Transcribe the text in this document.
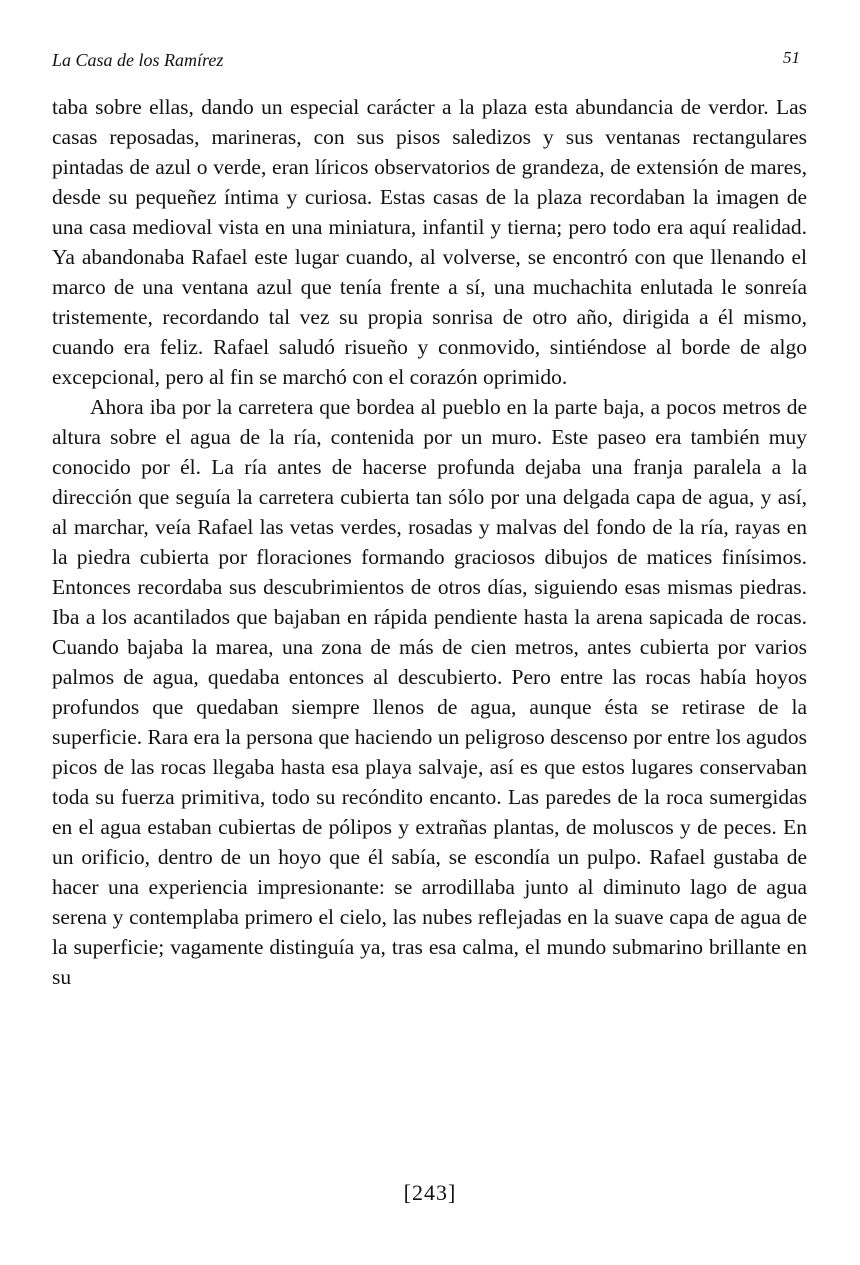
La Casa de los Ramírez	51

taba sobre ellas, dando un especial carácter a la plaza esta abundancia de verdor. Las casas reposadas, marineras, con sus pisos saledizos y sus ventanas rectangulares pintadas de azul o verde, eran líricos observatorios de grandeza, de extensión de mares, desde su pequeñez íntima y curiosa. Estas casas de la plaza recordaban la imagen de una casa medioval vista en una miniatura, infantil y tierna; pero todo era aquí realidad. Ya abandonaba Rafael este lugar cuando, al volverse, se encontró con que llenando el marco de una ventana azul que tenía frente a sí, una muchachita enlutada le sonreía tristemente, recordando tal vez su propia sonrisa de otro año, dirigida a él mismo, cuando era feliz. Rafael saludó risueño y conmovido, sintiéndose al borde de algo excepcional, pero al fin se marchó con el corazón oprimido.

Ahora iba por la carretera que bordea al pueblo en la parte baja, a pocos metros de altura sobre el agua de la ría, contenida por un muro. Este paseo era también muy conocido por él. La ría antes de hacerse profunda dejaba una franja paralela a la dirección que seguía la carretera cubierta tan sólo por una delgada capa de agua, y así, al marchar, veía Rafael las vetas verdes, rosadas y malvas del fondo de la ría, rayas en la piedra cubierta por floraciones formando graciosos dibujos de matices finísimos. Entonces recordaba sus descubrimientos de otros días, siguiendo esas mismas piedras. Iba a los acantilados que bajaban en rápida pendiente hasta la arena sapicada de rocas. Cuando bajaba la marea, una zona de más de cien metros, antes cubierta por varios palmos de agua, quedaba entonces al descubierto. Pero entre las rocas había hoyos profundos que quedaban siempre llenos de agua, aunque ésta se retirase de la superficie. Rara era la persona que haciendo un peligroso descenso por entre los agudos picos de las rocas llegaba hasta esa playa salvaje, así es que estos lugares conservaban toda su fuerza primitiva, todo su recóndito encanto. Las paredes de la roca sumergidas en el agua estaban cubiertas de pólipos y extrañas plantas, de moluscos y de peces. En un orificio, dentro de un hoyo que él sabía, se escondía un pulpo. Rafael gustaba de hacer una experiencia impresionante: se arrodillaba junto al diminuto lago de agua serena y contemplaba primero el cielo, las nubes reflejadas en la suave capa de agua de la superficie; vagamente distinguía ya, tras esa calma, el mundo submarino brillante en su

[243]
